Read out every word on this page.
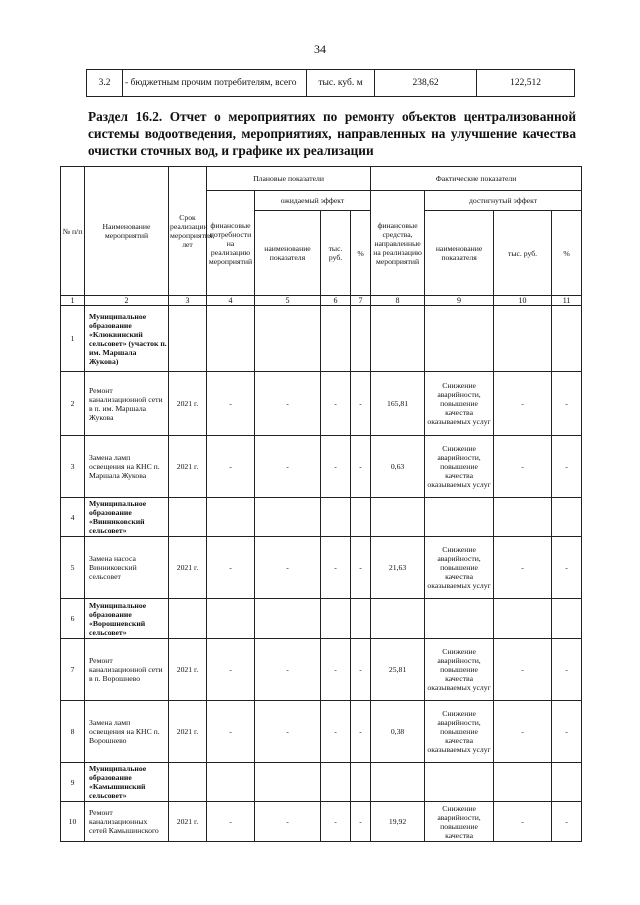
34
3.2	- бюджетным прочим потребителям, всего	тыс. куб. м	238,62	122,512
Раздел 16.2. Отчет о мероприятиях по ремонту объектов централизованной системы водоотведения, мероприятиях, направленных на улучшение качества очистки сточных вод, и графике их реализации
№ п/п	Наименование мероприятий	Срок реализации мероприятия, лет	Плановые показатели				Фактические показатели			
			финансовые потребности на реализацию мероприятий	ожидаемый эффект			финансовые средства, направленные на реализацию мероприятий	достигнутый эффект		
				наименование показателя	тыс. руб.	%		наименование показателя	тыс. руб.	%
1	2	3	4	5	6	7	8	9	10	11
1	Муниципальное образование «Клюквинский сельсовет» (участок п. им. Маршала Жукова)									
2	Ремонт канализационной сети в п. им. Маршала Жукова	2021 г.	-	-	-	-	165,81	Снижение аварийности, повышение качества оказываемых услуг	-	-
3	Замена ламп освещения на КНС п. Маршала Жукова	2021 г.	-	-	-	-	0,63	Снижение аварийности, повышение качества оказываемых услуг	-	-
4	Муниципальное образование «Винниковский сельсовет»									
5	Замена насоса Винниковский сельсовет	2021 г.	-	-	-	-	21,63	Снижение аварийности, повышение качества оказываемых услуг	-	-
6	Муниципальное образование «Ворошневский сельсовет»									
7	Ремонт канализационной сети в п. Ворошнево	2021 г.	-	-	-	-	25,81	Снижение аварийности, повышение качества оказываемых услуг	-	-
8	Замена ламп освещения на КНС п. Ворошнево	2021 г.	-	-	-	-	0,38	Снижение аварийности, повышение качества оказываемых услуг	-	-
9	Муниципальное образование «Камышинский сельсовет»									
10	Ремонт канализационных сетей Камышинского	2021 г.	-	-	-	-	19,92	Снижение аварийности, повышение качества	-	-
